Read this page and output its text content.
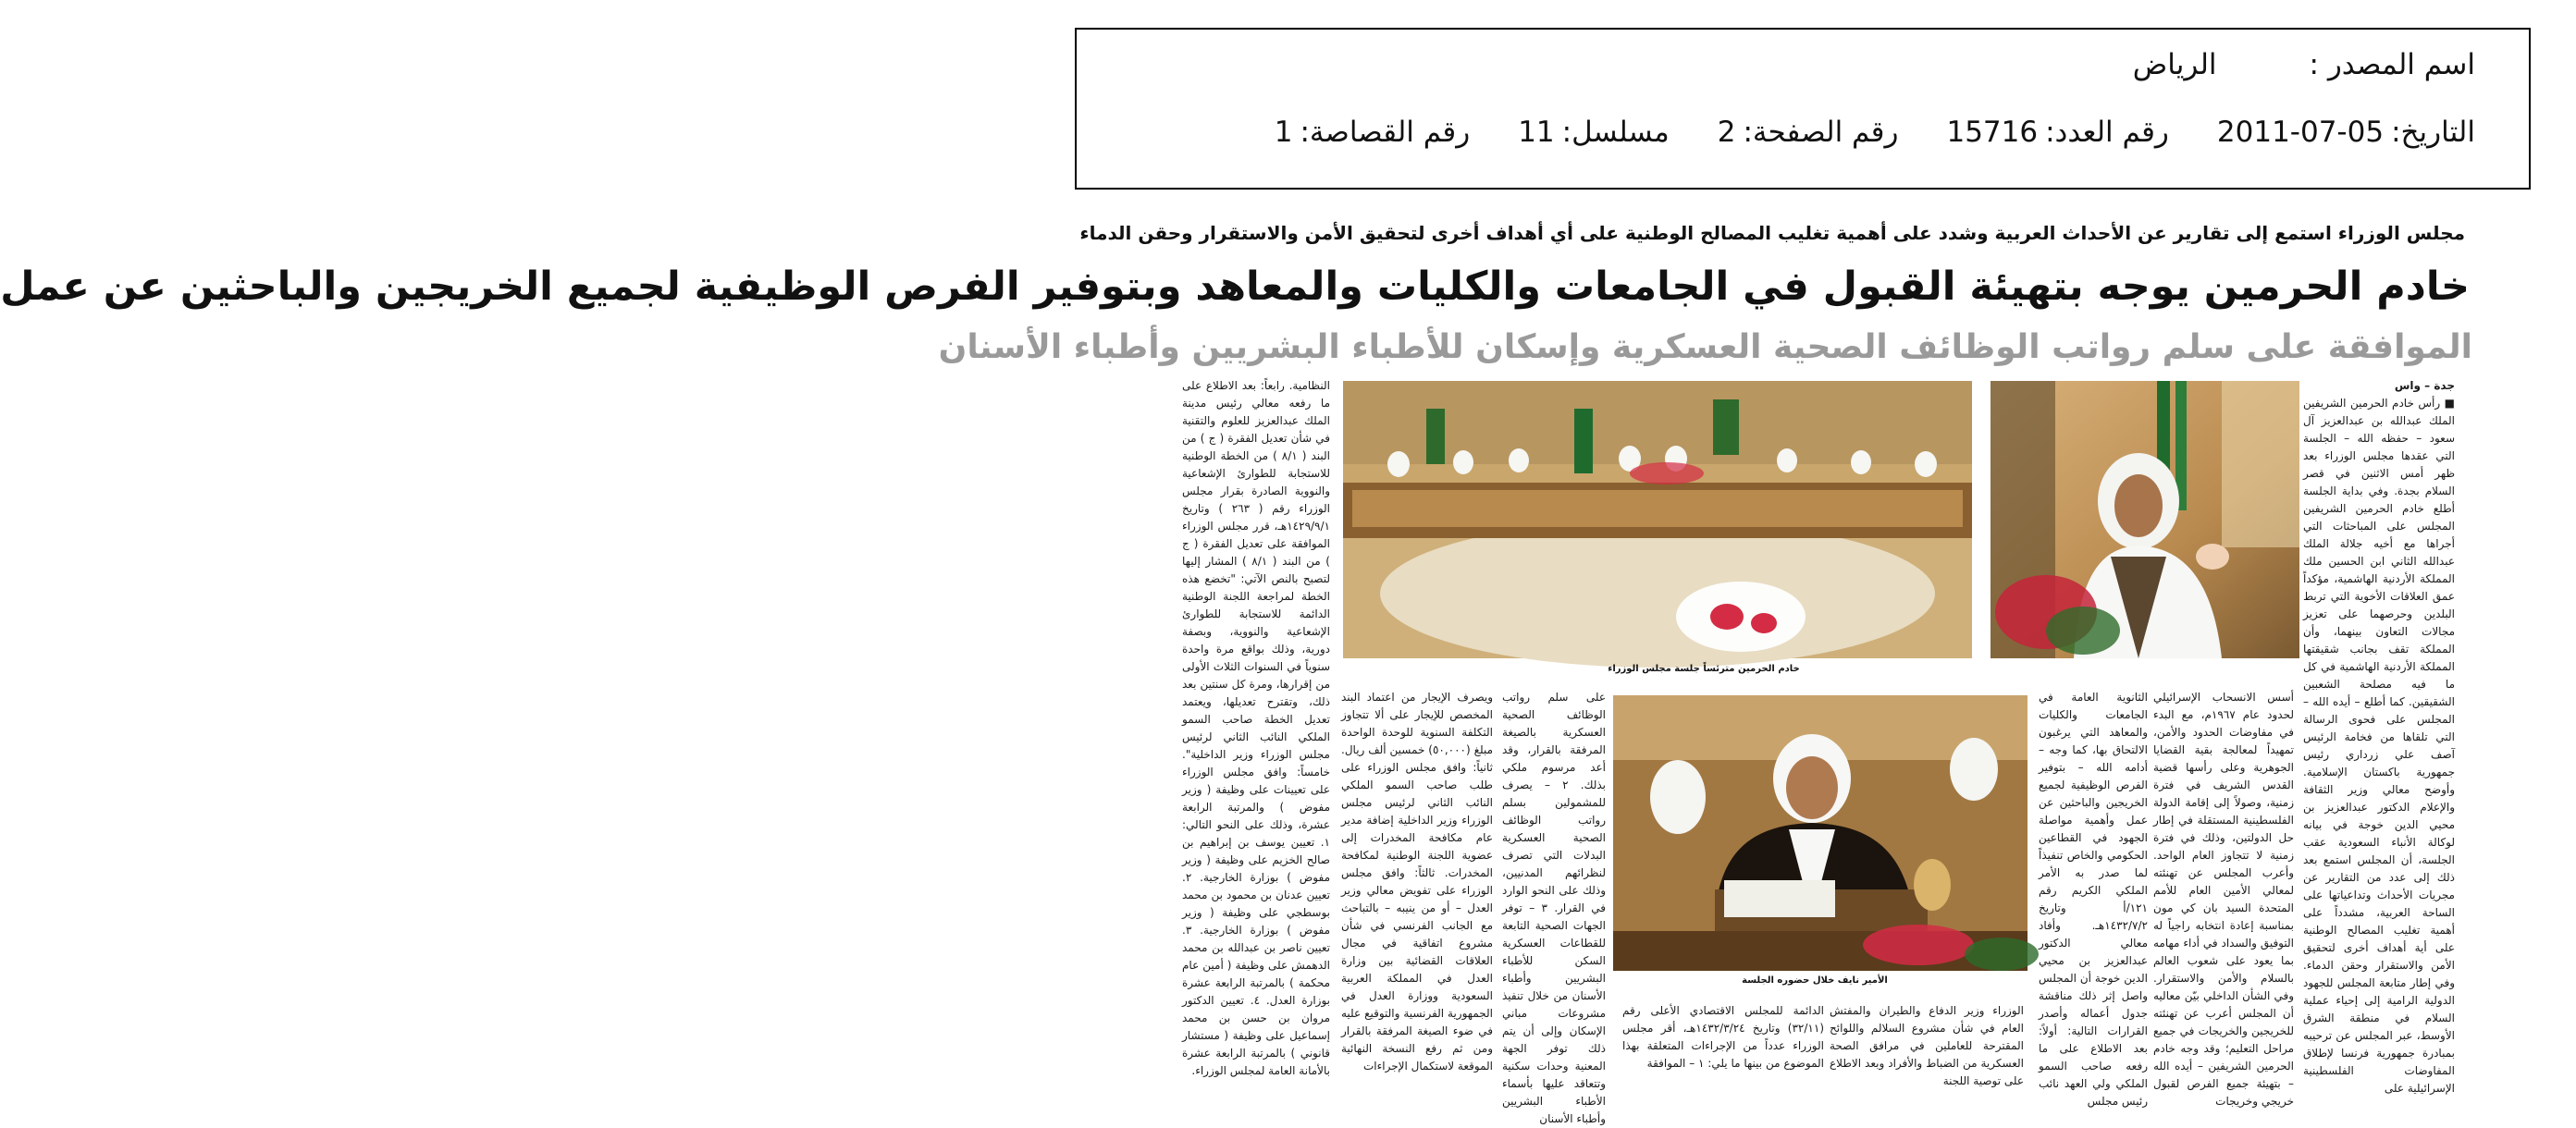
اسم المصدر :
الرياض
التاريخ:
2011-07-05
رقم العدد:
15716
رقم الصفحة:
2
مسلسل:
11
رقم القصاصة:
1
مجلس الوزراء استمع إلى تقارير عن الأحداث العربية وشدد على أهمية تغليب المصالح الوطنية على أي أهداف أخرى لتحقيق الأمن والاستقرار وحقن الدماء
خادم الحرمين يوجه بتهيئة القبول في الجامعات والكليات والمعاهد وبتوفير الفرص الوظيفية لجميع الخريجين والباحثين عن عمل
الموافقة على سلم رواتب الوظائف الصحية العسكرية وإسكان للأطباء البشريين وأطباء الأسنان
خادم الحرمين مترئساً جلسة مجلس الوزراء
الأمير نايف خلال حضوره الجلسة

جدة – واس

■ رأس خادم الحرمين الشريفين الملك عبدالله بن عبدالعزيز آل سعود – حفظه الله – الجلسة التي عقدها مجلس الوزراء بعد ظهر أمس الاثنين في قصر السلام بجدة. وفي بداية الجلسة أطلع خادم الحرمين الشريفين المجلس على المباحثات التي أجراها مع أخيه جلالة الملك عبدالله الثاني ابن الحسين ملك المملكة الأردنية الهاشمية، مؤكداً عمق العلاقات الأخوية التي تربط البلدين وحرصهما على تعزيز مجالات التعاون بينهما، وأن المملكة تقف بجانب شقيقتها المملكة الأردنية الهاشمية في كل ما فيه مصلحة الشعبين الشقيقين. كما أطلع – أيده الله – المجلس على فحوى الرسالة التي تلقاها من فخامة الرئيس آصف علي زرداري رئيس جمهورية باكستان الإسلامية. وأوضح معالي وزير الثقافة والإعلام الدكتور عبدالعزيز بن محيي الدين خوجة في بيانه لوكالة الأنباء السعودية عقب الجلسة، أن المجلس استمع بعد ذلك إلى عدد من التقارير عن مجريات الأحداث وتداعياتها على الساحة العربية، مشدداً على أهمية تغليب المصالح الوطنية على أية أهداف أخرى لتحقيق الأمن والاستقرار وحقن الدماء. وفي إطار متابعة المجلس للجهود الدولية الرامية إلى إحياء عملية السلام في منطقة الشرق الأوسط، عبر المجلس عن ترحيبه بمبادرة جمهورية فرنسا لإطلاق المفاوضات الفلسطينية الإسرائيلية على

أسس الانسحاب الإسرائيلي لحدود عام ١٩٦٧م، مع البدء في مفاوضات الحدود والأمن، تمهيداً لمعالجة بقية القضايا الجوهرية وعلى رأسها قضية القدس الشريف في فترة زمنية، وصولاً إلى إقامة الدولة الفلسطينية المستقلة في إطار حل الدولتين، وذلك في فترة زمنية لا تتجاوز العام الواحد. وأعرب المجلس عن تهنئته لمعالي الأمين العام للأمم المتحدة السيد بان كي مون بمناسبة إعادة انتخابه راجياً له التوفيق والسداد في أداء مهامه بما يعود على شعوب العالم بالسلام والأمن والاستقرار. وفي الشأن الداخلي بيّن معاليه أن المجلس أعرب عن تهنئته للخريجين والخريجات في جميع مراحل التعليم؛ وقد وجه خادم الحرمين الشريفين – أيده الله – بتهيئة جميع الفرص لقبول خريجي وخريجات

الثانوية العامة في الجامعات والكليات والمعاهد التي يرغبون الالتحاق بها، كما وجه – أدامه الله – بتوفير الفرص الوظيفية لجميع الخريجين والباحثين عن عمل وأهمية مواصلة الجهود في القطاعين الحكومي والخاص تنفيذاً لما صدر به الأمر الملكي الكريم رقم ١٢١/أ وتاريخ ١٤٣٢/٧/٢هـ. وأفاد معالي الدكتور عبدالعزيز بن محيي الدين خوجة أن المجلس واصل إثر ذلك مناقشة جدول أعماله وأصدر القرارات التالية: أولاً: بعد الاطلاع على ما رفعه صاحب السمو الملكي ولي العهد نائب رئيس مجلس

الوزراء وزير الدفاع والطيران والمفتش العام في شأن مشروع السلالم واللوائح المقترحة للعاملين في مرافق الصحة العسكرية من الضباط والأفراد وبعد الاطلاع على توصية اللجنة

الدائمة للمجلس الاقتصادي الأعلى رقم (٣٢/١١) وتاريخ ١٤٣٢/٣/٢٤هـ، أقر مجلس الوزراء عدداً من الإجراءات المتعلقة بهذا الموضوع من بينها ما يلي: ١ – الموافقة

على سلم رواتب الوظائف الصحية العسكرية بالصيغة المرفقة بالقرار، وقد أعد مرسوم ملكي بذلك. ٢ – يصرف للمشمولين بسلم رواتب الوظائف الصحية العسكرية البدلات التي تصرف لنظرائهم المدنيين، وذلك على النحو الوارد في القرار. ٣ – توفر الجهات الصحية التابعة للقطاعات العسكرية السكن للأطباء البشريين وأطباء الأسنان من خلال تنفيذ مشروعات مباني الإسكان وإلى أن يتم ذلك توفر الجهة المعنية وحدات سكنية وتتعاقد عليها بأسماء الأطباء البشريين وأطباء الأسنان

ويصرف الإيجار من اعتماد البند المخصص للإيجار على ألا تتجاوز التكلفة السنوية للوحدة الواحدة مبلغ (٥٠,٠٠٠) خمسين ألف ريال. ثانياً: وافق مجلس الوزراء على طلب صاحب السمو الملكي النائب الثاني لرئيس مجلس الوزراء وزير الداخلية إضافة مدير عام مكافحة المخدرات إلى عضوية اللجنة الوطنية لمكافحة المخدرات. ثالثاً: وافق مجلس الوزراء على تفويض معالي وزير العدل – أو من ينيبه – بالتباحث مع الجانب الفرنسي في شأن مشروع اتفاقية في مجال العلاقات القضائية بين وزارة العدل في المملكة العربية السعودية ووزارة العدل في الجمهورية الفرنسية والتوقيع عليه في ضوء الصيغة المرفقة بالقرار ومن ثم رفع النسخة النهائية الموقعة لاستكمال الإجراءات

النظامية. رابعاً: بعد الاطلاع على ما رفعه معالي رئيس مدينة الملك عبدالعزيز للعلوم والتقنية في شأن تعديل الفقرة ( ج ) من البند ( ٨/١ ) من الخطة الوطنية للاستجابة للطوارئ الإشعاعية والنووية الصادرة بقرار مجلس الوزراء رقم ( ٢٦٣ ) وتاريخ ١٤٢٩/٩/١هـ، قرر مجلس الوزراء الموافقة على تعديل الفقرة ( ج ) من البند ( ٨/١ ) المشار إليها لتصبح بالنص الآتي: "تخضع هذه الخطة لمراجعة اللجنة الوطنية الدائمة للاستجابة للطوارئ الإشعاعية والنووية، وبصفة دورية، وذلك بواقع مرة واحدة سنوياً في السنوات الثلاث الأولى من إقرارها، ومرة كل سنتين بعد ذلك، وتقترح تعديلها، ويعتمد تعديل الخطة صاحب السمو الملكي النائب الثاني لرئيس مجلس الوزراء وزير الداخلية". خامساً: وافق مجلس الوزراء على تعيينات على وظيفة ( وزير مفوض ) والمرتبة الرابعة عشرة، وذلك على النحو التالي: ١. تعيين يوسف بن إبراهيم بن صالح الخزيم على وظيفة ( وزير مفوض ) بوزارة الخارجية. ٢. تعيين عدنان بن محمود بن محمد بوسطجي على وظيفة ( وزير مفوض ) بوزارة الخارجية. ٣. تعيين ناصر بن عبدالله بن محمد الدهمش على وظيفة ( أمين عام محكمة ) بالمرتبة الرابعة عشرة بوزارة العدل. ٤. تعيين الدكتور مروان بن حسن بن محمد إسماعيل على وظيفة ( مستشار قانوني ) بالمرتبة الرابعة عشرة بالأمانة العامة لمجلس الوزراء.
